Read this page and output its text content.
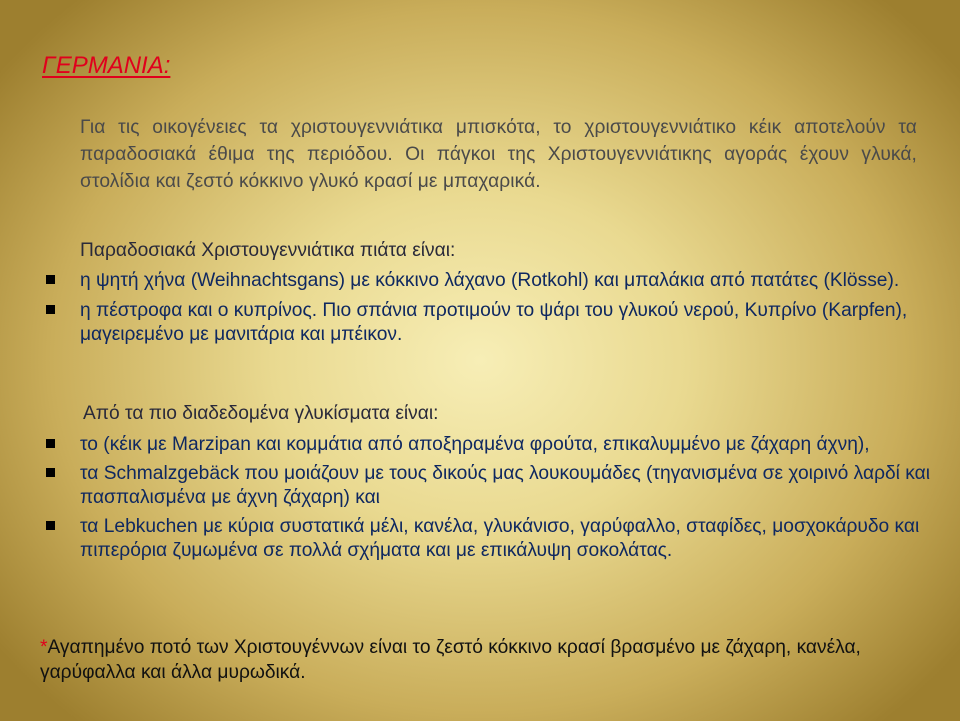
ΓΕΡΜΑΝΙΑ:
Για τις οικογένειες τα χριστουγεννιάτικα μπισκότα, το χριστουγεννιάτικο κέικ αποτελούν τα παραδοσιακά έθιμα της περιόδου. Οι πάγκοι της Χριστουγεννιάτικης αγοράς έχουν γλυκά, στολίδια και ζεστό κόκκινο γλυκό κρασί με μπαχαρικά.
Παραδοσιακά Χριστουγεννιάτικα πιάτα είναι:
η ψητή χήνα (Weihnachtsgans) με κόκκινο λάχανο (Rotkohl) και μπαλάκια από πατάτες (Klösse).
η πέστροφα και ο κυπρίνος. Πιο σπάνια προτιμούν το ψάρι του γλυκού νερού, Κυπρίνο (Karpfen), μαγειρεμένο με μανιτάρια και μπέικον.
Από τα πιο διαδεδομένα γλυκίσματα είναι:
το (κέικ με Marzipan και κομμάτια από αποξηραμένα φρούτα, επικαλυμμένο με ζάχαρη άχνη),
τα Schmalzgebäck που μοιάζουν με τους δικούς μας λουκουμάδες (τηγανισμένα σε χοιρινό λαρδί και πασπαλισμένα με άχνη ζάχαρη) και
τα Lebkuchen με κύρια συστατικά μέλι, κανέλα, γλυκάνισο, γαρύφαλλο, σταφίδες, μοσχοκάρυδο και πιπερόρια ζυμωμένα σε πολλά σχήματα και με επικάλυψη σοκολάτας.
*Αγαπημένο ποτό των Χριστουγέννων είναι το ζεστό κόκκινο κρασί βρασμένο με ζάχαρη, κανέλα, γαρύφαλλα και άλλα μυρωδικά.
